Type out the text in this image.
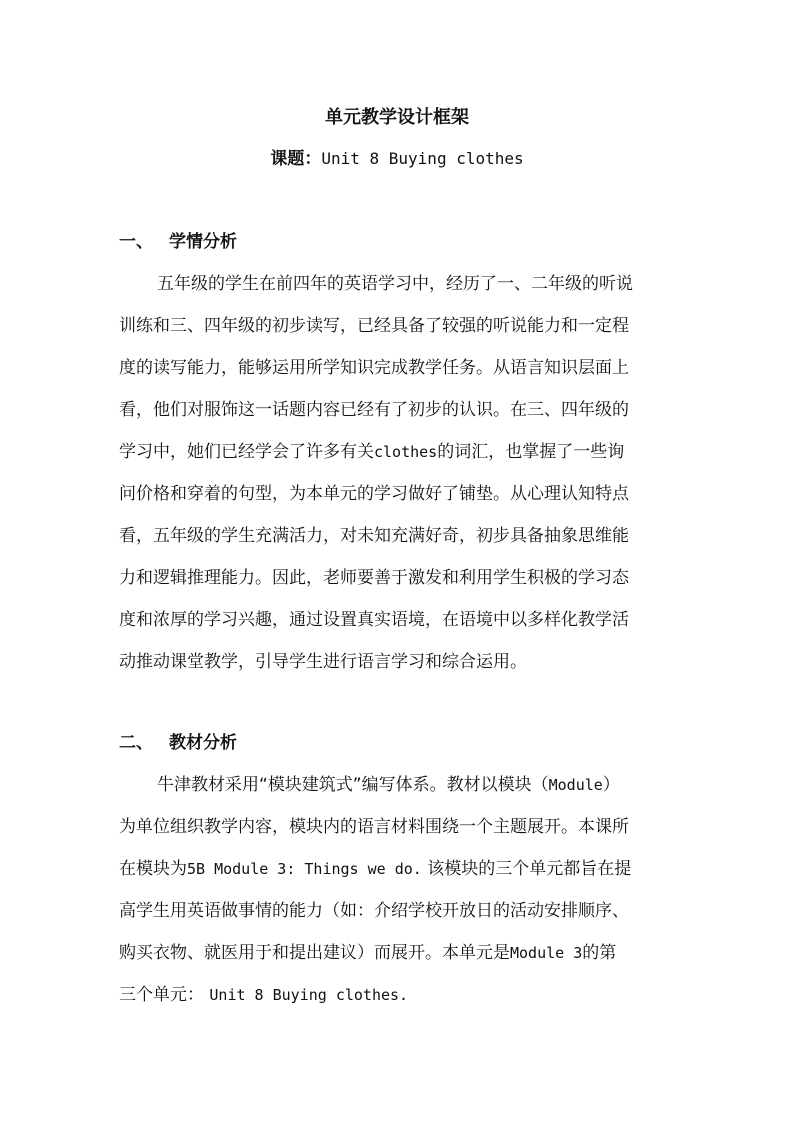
单元教学设计框架
课题：Unit 8 Buying clothes
一、 学情分析
五年级的学生在前四年的英语学习中，经历了一、二年级的听说
训练和三、四年级的初步读写，已经具备了较强的听说能力和一定程
度的读写能力，能够运用所学知识完成教学任务。从语言知识层面上
看，他们对服饰这一话题内容已经有了初步的认识。在三、四年级的
学习中，她们已经学会了许多有关clothes的词汇，也掌握了一些询
问价格和穿着的句型，为本单元的学习做好了铺垫。从心理认知特点
看，五年级的学生充满活力，对未知充满好奇，初步具备抽象思维能
力和逻辑推理能力。因此，老师要善于激发和利用学生积极的学习态
度和浓厚的学习兴趣，通过设置真实语境，在语境中以多样化教学活
动推动课堂教学，引导学生进行语言学习和综合运用。
二、 教材分析
牛津教材采用“模块建筑式”编写体系。教材以模块（Module）
为单位组织教学内容，模块内的语言材料围绕一个主题展开。本课所
在模块为5B Module 3: Things we do. 该模块的三个单元都旨在提
高学生用英语做事情的能力（如：介绍学校开放日的活动安排顺序、
购买衣物、就医用于和提出建议）而展开。本单元是Module 3的第
三个单元： Unit 8 Buying clothes.
